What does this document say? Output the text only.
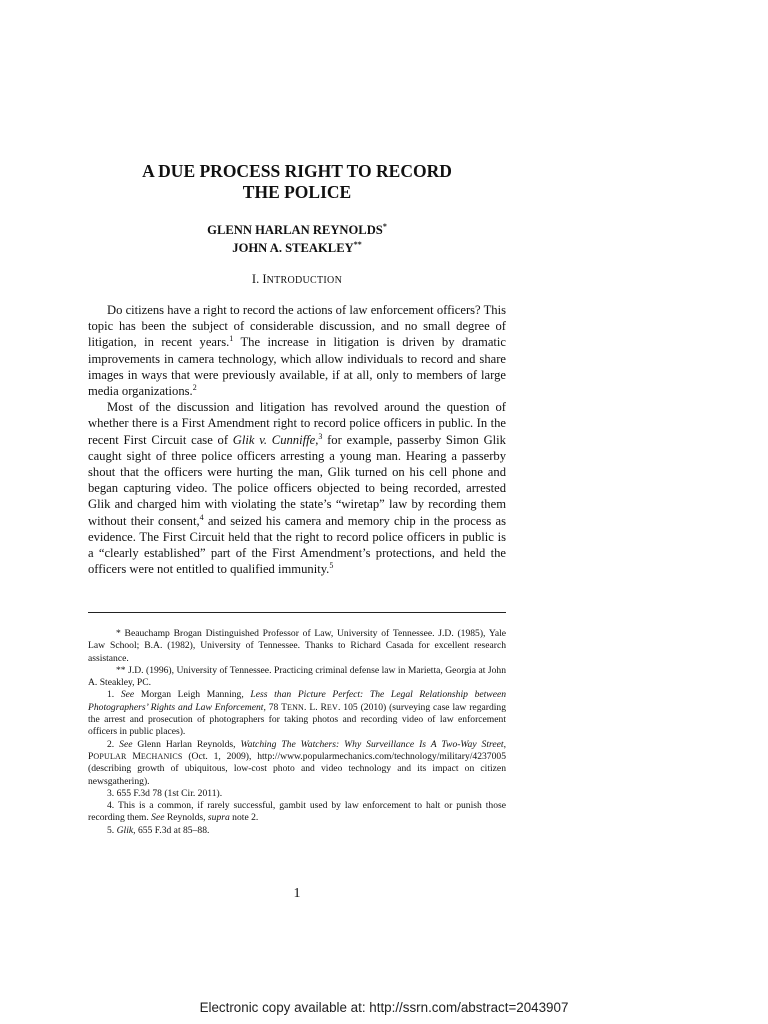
A DUE PROCESS RIGHT TO RECORD
THE POLICE
GLENN HARLAN REYNOLDS*
JOHN A. STEAKLEY**
I. INTRODUCTION

Do citizens have a right to record the actions of law enforcement officers? This topic has been the subject of considerable discussion, and no small degree of litigation, in recent years.$^1$ The increase in litigation is driven by dramatic improvements in camera technology, which allow individuals to record and share images in ways that were previously available, if at all, only to members of large media organizations.$^2$

Most of the discussion and litigation has revolved around the question of whether there is a First Amendment right to record police officers in public. In the recent First Circuit case of Glik v. Cunniffe,$^3$ for example, passerby Simon Glik caught sight of three police officers arresting a young man. Hearing a passerby shout that the officers were hurting the man, Glik turned on his cell phone and began capturing video. The police officers objected to being recorded, arrested Glik and charged him with violating the state’s “wiretap” law by recording them without their consent,$^4$ and seized his camera and memory chip in the process as evidence. The First Circuit held that the right to record police officers in public is a “clearly established” part of the First Amendment’s protections, and held the officers were not entitled to qualified immunity.$^5$

* Beauchamp Brogan Distinguished Professor of Law, University of Tennessee. J.D. (1985), Yale Law School; B.A. (1982), University of Tennessee. Thanks to Richard Casada for excellent research assistance.

** J.D. (1996), University of Tennessee. Practicing criminal defense law in Marietta, Georgia at John A. Steakley, PC.

1. See Morgan Leigh Manning, Less than Picture Perfect: The Legal Relationship between Photographers’ Rights and Law Enforcement, 78 TENN. L. REV. 105 (2010) (surveying case law regarding the arrest and prosecution of photographers for taking photos and recording video of law enforcement officers in public places).

2. See Glenn Harlan Reynolds, Watching The Watchers: Why Surveillance Is A Two-Way Street, POPULAR MECHANICS (Oct. 1, 2009), http://www.popularmechanics.com/technology/military/4237005 (describing growth of ubiquitous, low-cost photo and video technology and its impact on citizen newsgathering).

3. 655 F.3d 78 (1st Cir. 2011).

4. This is a common, if rarely successful, gambit used by law enforcement to halt or punish those recording them. See Reynolds, supra note 2.

5. Glik, 655 F.3d at 85–88.

1
Electronic copy available at: http://ssrn.com/abstract=2043907
